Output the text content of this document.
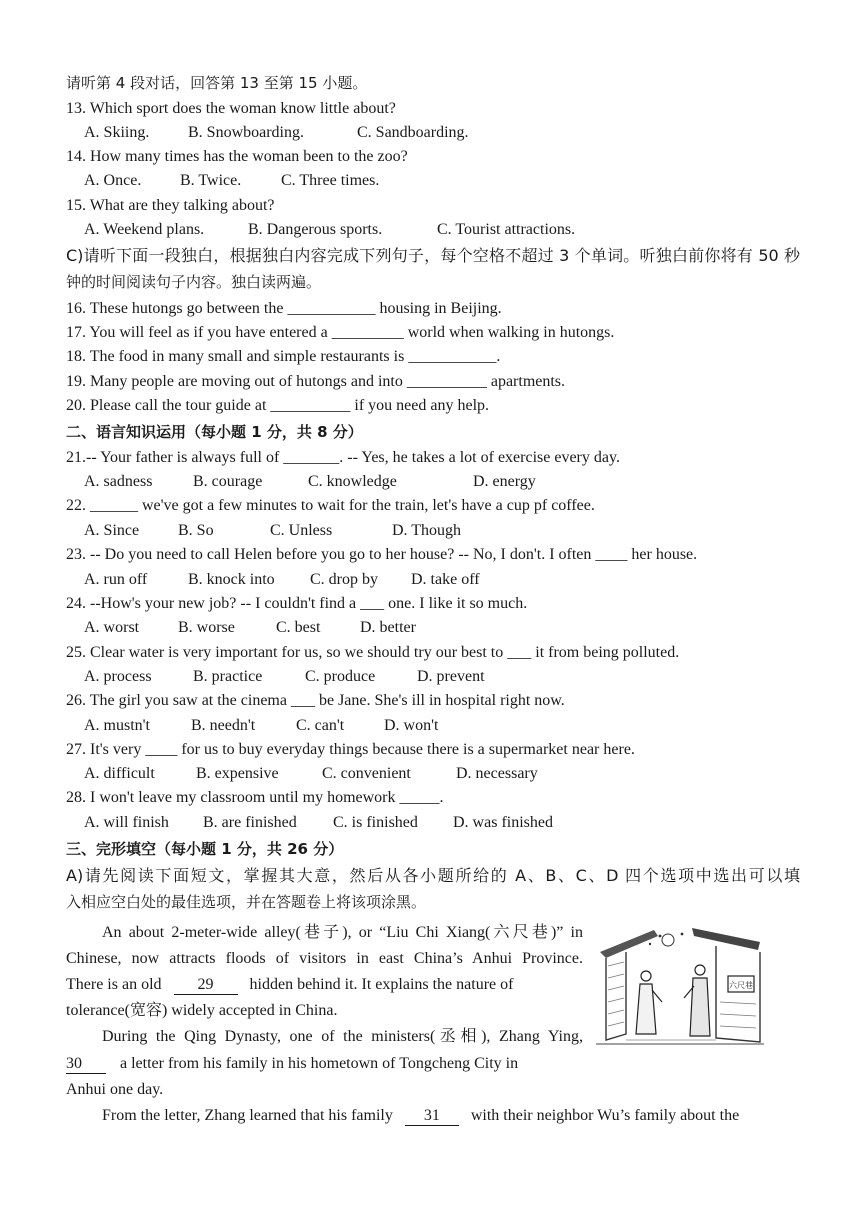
请听第 4 段对话，回答第 13 至第 15 小题。
13. Which sport does the woman know little about?
A. Skiing. B. Snowboarding.	C. Sandboarding.
14. How many times has the woman been to the zoo?
A. Once. B. Twice. C. Three times.
15. What are they talking about?
A. Weekend plans.	B. Dangerous sports.	C. Tourist attractions.
C)请听下面一段独白，根据独白内容完成下列句子，每个空格不超过 3 个单词。听独白前你将有 50 秒
钟的时间阅读句子内容。独白读两遍。
16. These hutongs go between the ___________ housing in Beijing.
17. You will feel as if you have entered a _________ world when walking in hutongs.
18. The food in many small and simple restaurants is ___________.
19. Many people are moving out of hutongs and into __________ apartments.
20. Please call the tour guide at __________ if you need any help.
二、语言知识运用（每小题 1 分，共 8 分）
21.-- Your father is always full of _______. -- Yes, he takes a lot of exercise every day.
A. sadness	B. courage	C. knowledge	D. energy
22. ______ we've got a few minutes to wait for the train, let's have a cup pf coffee.
A. Since B. So	C. Unless	D. Though
23. -- Do you need to call Helen before you go to her house? -- No, I don't. I often ____ her house.
A. run off	B. knock into C. drop by D. take off
24. --How's your new job? -- I couldn't find a ___ one. I like it so much.
A. worst B. worse	C. best D. better
25. Clear water is very important for us, so we should try our best to ___ it from being polluted.
A. process	B. practice	C. produce	D. prevent
26. The girl you saw at the cinema ___ be Jane. She's ill in hospital right now.
A. mustn't	B. needn't	C. can't D. won't
27. It's very ____ for us to buy everyday things because there is a supermarket near here.
A. difficult	B. expensive	C. convenient	D. necessary
28. I won't leave my classroom until my homework _____.
A. will finish B. are finished C. is finished D. was finished
三、完形填空（每小题 1 分，共 26 分）
A)请先阅读下面短文，掌握其大意，然后从各小题所给的 A、B、C、D 四个选项中选出可以填
入相应空白处的最佳选项，并在答题卷上将该项涂黑。
An about 2-meter-wide alley(巷子), or “Liu Chi Xiang(六尺巷)” in
Chinese, now attracts floods of visitors in east China’s Anhui Province.
There is an old 29 hidden behind it. It explains the nature of
tolerance(宽容) widely accepted in China.
During the Qing Dynasty, one of the ministers(丞相), Zhang Ying,
30 a letter from his family in his hometown of Tongcheng City in
Anhui one day.
From the letter, Zhang learned that his family 31 with their neighbor Wu’s family about the
六尺巷
